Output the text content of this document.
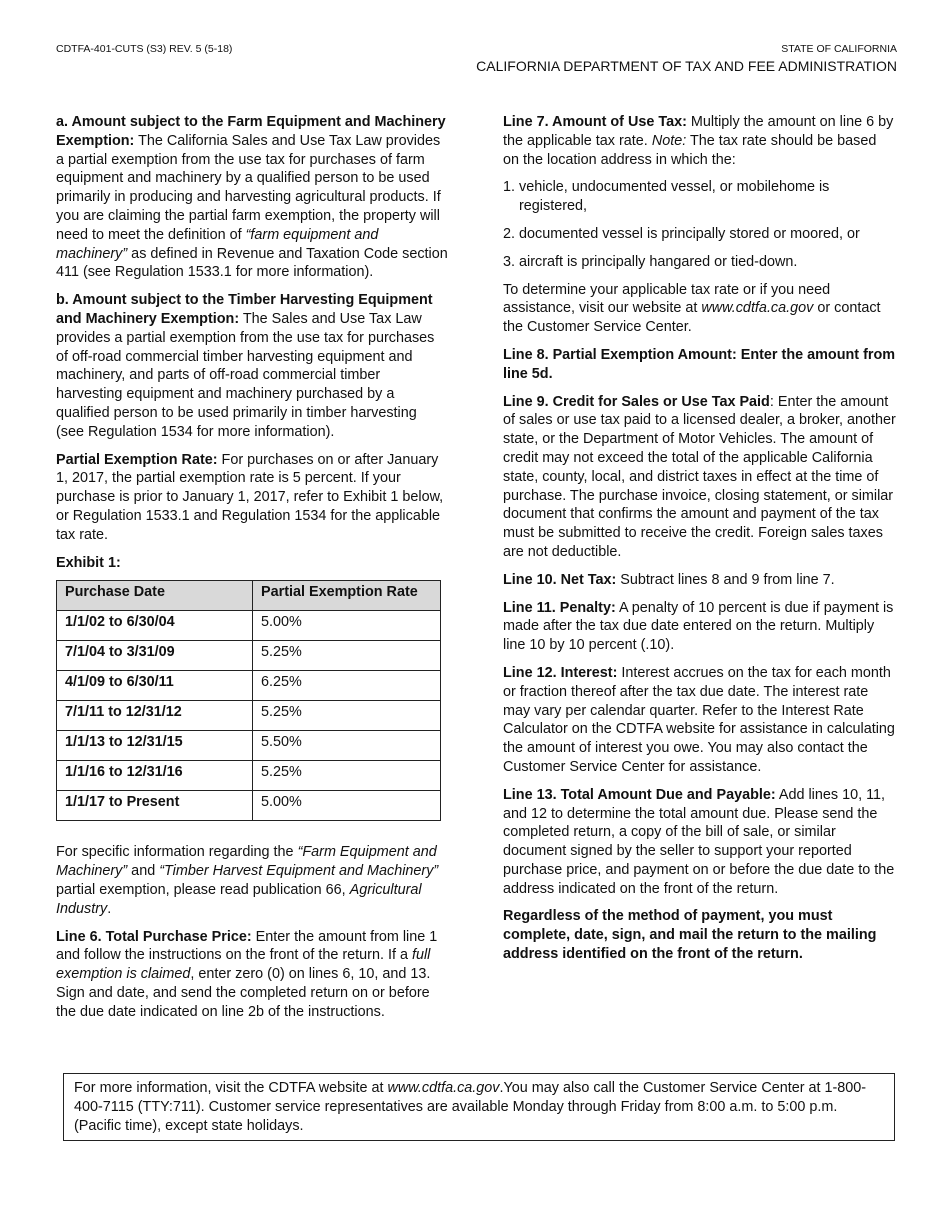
CDTFA-401-CUTS (S3) REV. 5 (5-18)	STATE OF CALIFORNIA
CALIFORNIA DEPARTMENT OF TAX AND FEE ADMINISTRATION

a. Amount subject to the Farm Equipment and Machinery Exemption: The California Sales and Use Tax Law provides a partial exemption from the use tax for purchases of farm equipment and machinery by a qualified person to be used primarily in producing and harvesting agricultural products. If you are claiming the partial farm exemption, the property will need to meet the definition of “farm equipment and machinery” as defined in Revenue and Taxation Code section 411 (see Regulation 1533.1 for more information).

b. Amount subject to the Timber Harvesting Equipment and Machinery Exemption: The Sales and Use Tax Law provides a partial exemption from the use tax for purchases of off-road commercial timber harvesting equipment and machinery, and parts of off-road commercial timber harvesting equipment and machinery purchased by a qualified person to be used primarily in timber harvesting (see Regulation 1534 for more information).

Partial Exemption Rate: For purchases on or after January 1, 2017, the partial exemption rate is 5 percent. If your purchase is prior to January 1, 2017, refer to Exhibit 1 below, or Regulation 1533.1 and Regulation 1534 for the applicable tax rate.

Exhibit 1:
Purchase Date	Partial Exemption Rate
1/1/02 to 6/30/04	5.00%
7/1/04 to 3/31/09	5.25%
4/1/09 to 6/30/11	6.25%
7/1/11 to 12/31/12	5.25%
1/1/13 to 12/31/15	5.50%
1/1/16 to 12/31/16	5.25%
1/1/17 to Present	5.00%

For specific information regarding the “Farm Equipment and Machinery” and “Timber Harvest Equipment and Machinery” partial exemption, please read publication 66, Agricultural Industry.

Line 6. Total Purchase Price: Enter the amount from line 1 and follow the instructions on the front of the return. If a full exemption is claimed, enter zero (0) on lines 6, 10, and 13. Sign and date, and send the completed return on or before the due date indicated on line 2b of the instructions.

Line 7. Amount of Use Tax: Multiply the amount on line 6 by the applicable tax rate. Note: The tax rate should be based on the location address in which the:

1. vehicle, undocumented vessel, or mobilehome is registered,
2. documented vessel is principally stored or moored, or
3. aircraft is principally hangared or tied-down.

To determine your applicable tax rate or if you need assistance, visit our website at www.cdtfa.ca.gov or contact the Customer Service Center.

Line 8. Partial Exemption Amount: Enter the amount from line 5d.

Line 9. Credit for Sales or Use Tax Paid: Enter the amount of sales or use tax paid to a licensed dealer, a broker, another state, or the Department of Motor Vehicles. The amount of credit may not exceed the total of the applicable California state, county, local, and district taxes in effect at the time of purchase. The purchase invoice, closing statement, or similar document that confirms the amount and payment of the tax must be submitted to receive the credit. Foreign sales taxes are not deductible.

Line 10. Net Tax: Subtract lines 8 and 9 from line 7.

Line 11. Penalty: A penalty of 10 percent is due if payment is made after the tax due date entered on the return. Multiply line 10 by 10 percent (.10).

Line 12. Interest: Interest accrues on the tax for each month or fraction thereof after the tax due date. The interest rate may vary per calendar quarter. Refer to the Interest Rate Calculator on the CDTFA website for assistance in calculating the amount of interest you owe. You may also contact the Customer Service Center for assistance.

Line 13. Total Amount Due and Payable: Add lines 10, 11, and 12 to determine the total amount due. Please send the completed return, a copy of the bill of sale, or similar document signed by the seller to support your reported purchase price, and payment on or before the due date to the address indicated on the front of the return.

Regardless of the method of payment, you must complete, date, sign, and mail the return to the mailing address identified on the front of the return.

For more information, visit the CDTFA website at www.cdtfa.ca.gov.You may also call the Customer Service Center at 1-800-400-7115 (TTY:711). Customer service representatives are available Monday through Friday from 8:00 a.m. to 5:00 p.m. (Pacific time), except state holidays.
